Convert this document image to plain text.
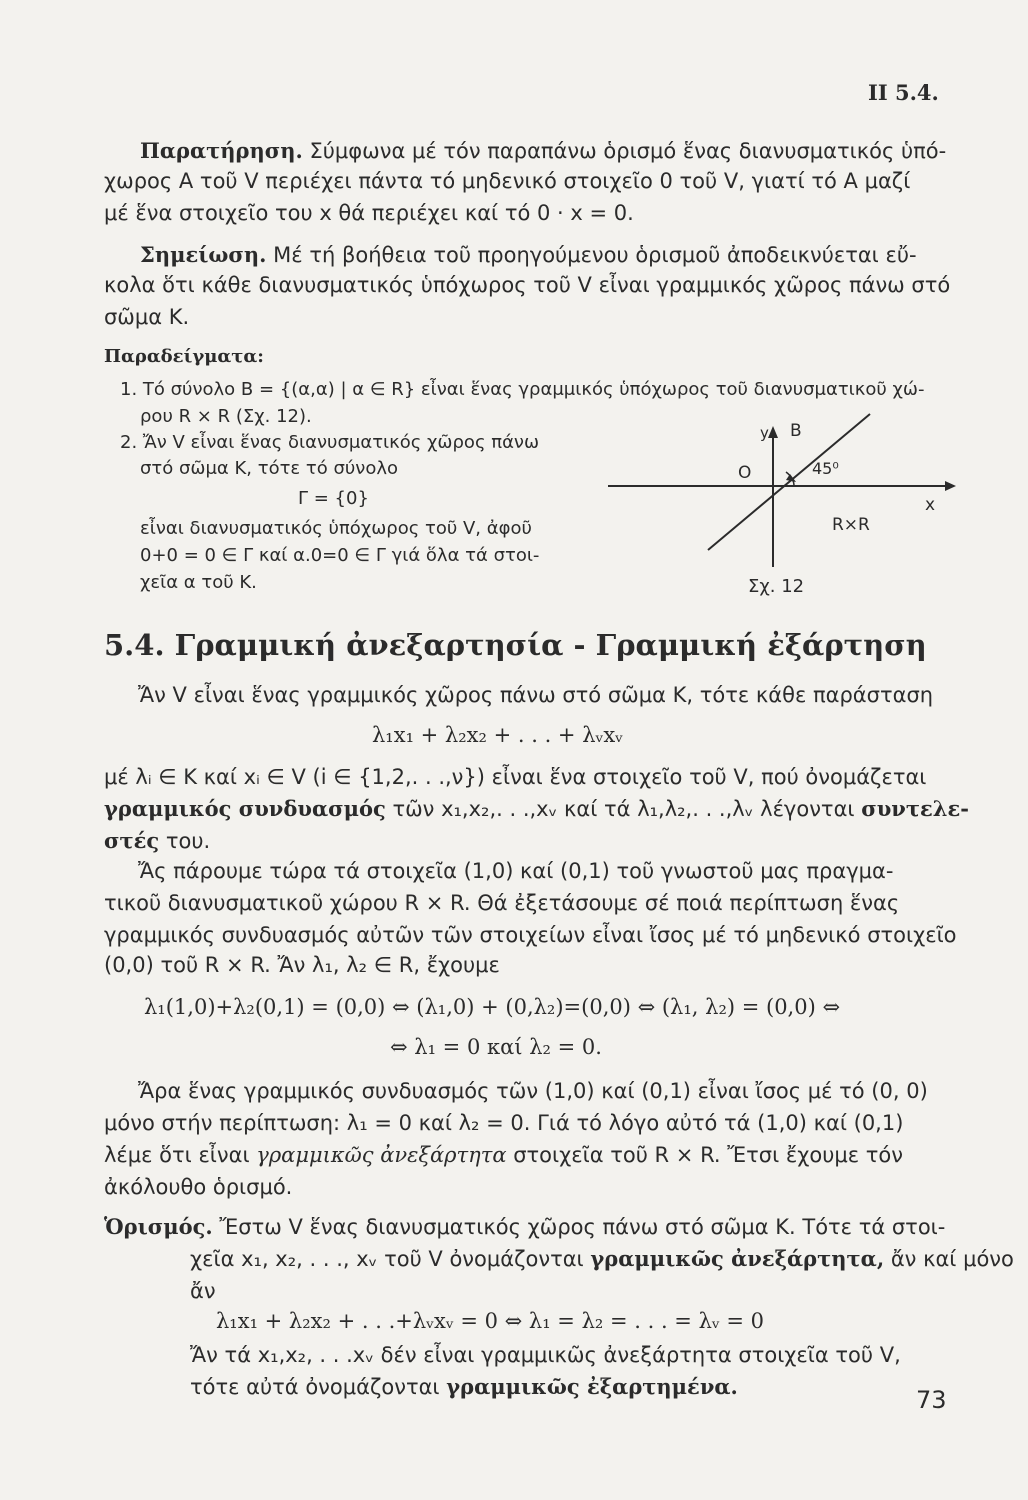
II 5.4.
Παρατήρηση. Σύμφωνα μέ τόν παραπάνω ὁρισμό ἕνας διανυσματικός ὑπό-
χωρος A τοῦ V περιέχει πάντα τό μηδενικό στοιχεῖο 0 τοῦ V, γιατί τό A μαζί
μέ ἕνα στοιχεῖο του x θά περιέχει καί τό 0 · x = 0.
Σημείωση. Μέ τή βοήθεια τοῦ προηγούμενου ὁρισμοῦ ἀποδεικνύεται εὔ-
κολα ὅτι κάθε διανυσματικός ὑπόχωρος τοῦ V εἶναι γραμμικός χῶρος πάνω στό
σῶμα K.
Παραδείγματα:
1. Τό σύνολο B = {(α,α) | α ∈ R} εἶναι ἕνας γραμμικός ὑπόχωρος τοῦ διανυσματικοῦ χώ-
ρου R × R (Σχ. 12).
2. Ἄν V εἶναι ἕνας διανυσματικός χῶρος πάνω
στό σῶμα K, τότε τό σύνολο
Γ = {0}
εἶναι διανυσματικός ὑπόχωρος τοῦ V, ἀφοῦ
0+0 = 0 ∈ Γ καί α.0=0 ∈ Γ γιά ὅλα τά στοι-
χεῖα α τοῦ K.
y B
O	45⁰
x
R×R
Σχ. 12
5.4. Γραμμική ἀνεξαρτησία - Γραμμική ἐξάρτηση
Ἄν V εἶναι ἕνας γραμμικός χῶρος πάνω στό σῶμα K, τότε κάθε παράσταση
λ₁x₁ + λ₂x₂ + . . . + λᵥxᵥ
μέ λᵢ ∈ K καί xᵢ ∈ V (i ∈ {1,2,. . .,ν}) εἶναι ἕνα στοιχεῖο τοῦ V, πού ὀνομάζεται
γραμμικός συνδυασμός τῶν x₁,x₂,. . .,xᵥ καί τά λ₁,λ₂,. . .,λᵥ λέγονται συντελε-
στές του.
Ἄς πάρουμε τώρα τά στοιχεῖα (1,0) καί (0,1) τοῦ γνωστοῦ μας πραγμα-
τικοῦ διανυσματικοῦ χώρου R × R. Θά ἐξετάσουμε σέ ποιά περίπτωση ἕνας
γραμμικός συνδυασμός αὐτῶν τῶν στοιχείων εἶναι ἴσος μέ τό μηδενικό στοιχεῖο
(0,0) τοῦ R × R. Ἄν λ₁, λ₂ ∈ R, ἔχουμε
λ₁(1,0)+λ₂(0,1) = (0,0) ⇔ (λ₁,0) + (0,λ₂)=(0,0) ⇔ (λ₁, λ₂) = (0,0) ⇔
⇔ λ₁ = 0 καί λ₂ = 0.
Ἄρα ἕνας γραμμικός συνδυασμός τῶν (1,0) καί (0,1) εἶναι ἴσος μέ τό (0, 0)
μόνο στήν περίπτωση: λ₁ = 0 καί λ₂ = 0. Γιά τό λόγο αὐτό τά (1,0) καί (0,1)
λέμε ὅτι εἶναι γραμμικῶς ἀνεξάρτητα στοιχεῖα τοῦ R × R. Ἔτσι ἔχουμε τόν
ἀκόλουθο ὁρισμό.
Ὁρισμός. Ἔστω V ἕνας διανυσματικός χῶρος πάνω στό σῶμα K. Τότε τά στοι-
χεῖα x₁, x₂, . . ., xᵥ τοῦ V ὀνομάζονται γραμμικῶς ἀνεξάρτητα, ἄν καί μόνο
ἄν
λ₁x₁ + λ₂x₂ + . . .+λᵥxᵥ = 0 ⇔ λ₁ = λ₂ = . . . = λᵥ = 0
Ἄν τά x₁,x₂, . . .xᵥ δέν εἶναι γραμμικῶς ἀνεξάρτητα στοιχεῖα τοῦ V,
τότε αὐτά ὀνομάζονται γραμμικῶς ἐξαρτημένα.	73
